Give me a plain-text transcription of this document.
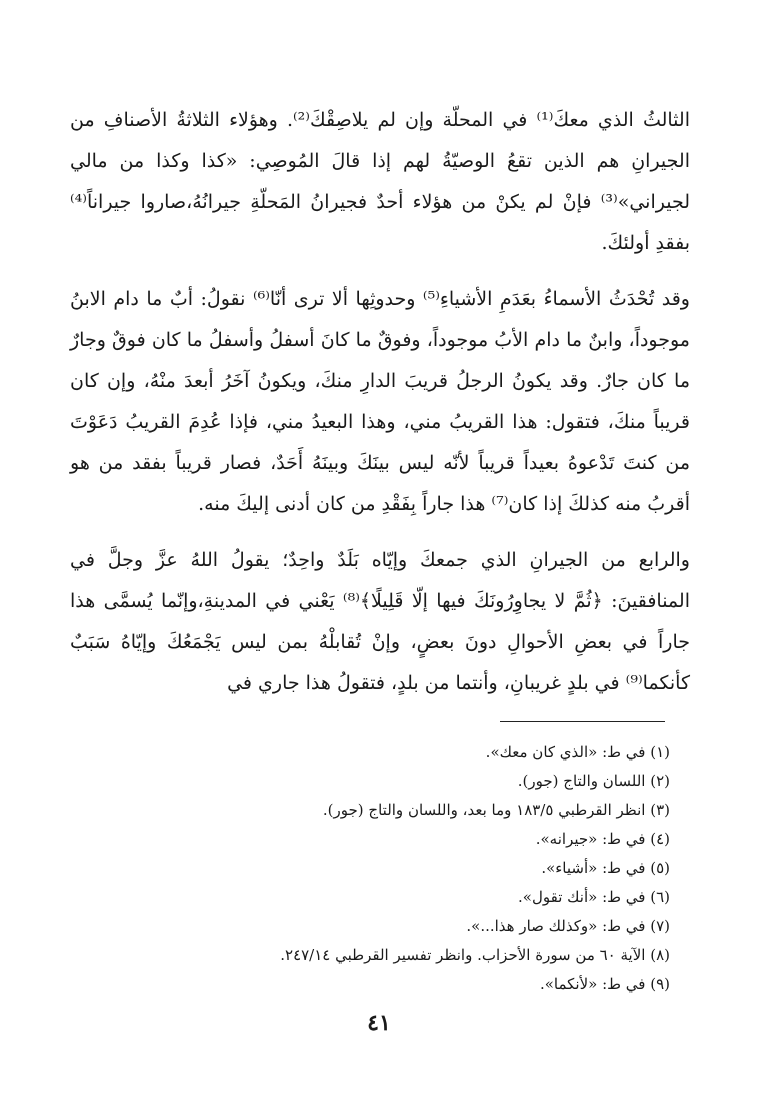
الثالثُ الذي معكَ⁽¹⁾ في المحلّة وإن لم يلاصِقْكَ⁽²⁾. وهؤلاء الثلاثةُ الأصنافِ من الجيرانِ هم الذين تقعُ الوصيّةُ لهم إذا قالَ المُوصِي: «كذا وكذا من مالي لجيراني»⁽³⁾ فإنْ لم يكنْ من هؤلاء أحدٌ فجيرانُ المَحلّةِ جيرانُهُ،صاروا جيراناً⁽⁴⁾ بفقدِ أولئكَ.

وقد تُحْدَثُ الأسماءُ بعَدَمِ الأشياءِ⁽⁵⁾ وحدوثِها ألا ترى أنّا⁽⁶⁾ نقولُ: أبٌ ما دام الابنُ موجوداً، وابنٌ ما دام الأبُ موجوداً، وفوقٌ ما كانَ أسفلُ وأسفلُ ما كان فوقٌ وجارٌ ما كان جارٌ. وقد يكونُ الرجلُ قريبَ الدارِ منكَ، ويكونُ آخَرُ أبعدَ منْهُ، وإن كان قريباً منكَ، فتقول: هذا القريبُ مني، وهذا البعيدُ مني، فإذا عُدِمَ القريبُ دَعَوْتَ من كنتَ تَدْعوهُ بعيداً قريباً لأنّه ليس بينَكَ وبينَهُ أَحَدٌ، فصار قريباً بفقد من هو أقربُ منه كذلكَ إذا كان⁽⁷⁾ هذا جاراً بِفَقْدِ من كان أدنى إليكَ منه.

والرابع من الجيرانِ الذي جمعكَ وإيّاه بَلَدٌ واحِدٌ؛ يقولُ اللهُ عزَّ وجلَّ في المنافقينَ: ﴿ثُمَّ لا يجاوِرُونَكَ فيها إلّا قَلِيلًا﴾⁽⁸⁾ يَعْني في المدينةِ،وإنّما يُسمَّى هذا جاراً في بعضِ الأحوالِ دونَ بعضٍ، وإنْ تُقابلْهُ بمن ليس يَجْمَعُكَ وإيّاهُ سَبَبٌ كأنكما⁽⁹⁾ في بلدٍ غريبانِ، وأنتما من بلدٍ، فتقولُ هذا جاري في

(١) في ط: «الذي كان معك».
(٢) اللسان والتاج (جور).
(٣) انظر القرطبي ١٨٣/٥ وما بعد، واللسان والتاج (جور).
(٤) في ط: «جيرانه».
(٥) في ط: «أشياء».
(٦) في ط: «أنك تقول».
(٧) في ط: «وكذلك صار هذا...».
(٨) الآية ٦٠ من سورة الأحزاب. وانظر تفسير القرطبي ٢٤٧/١٤.
(٩) في ط: «لأنكما».
٤١
